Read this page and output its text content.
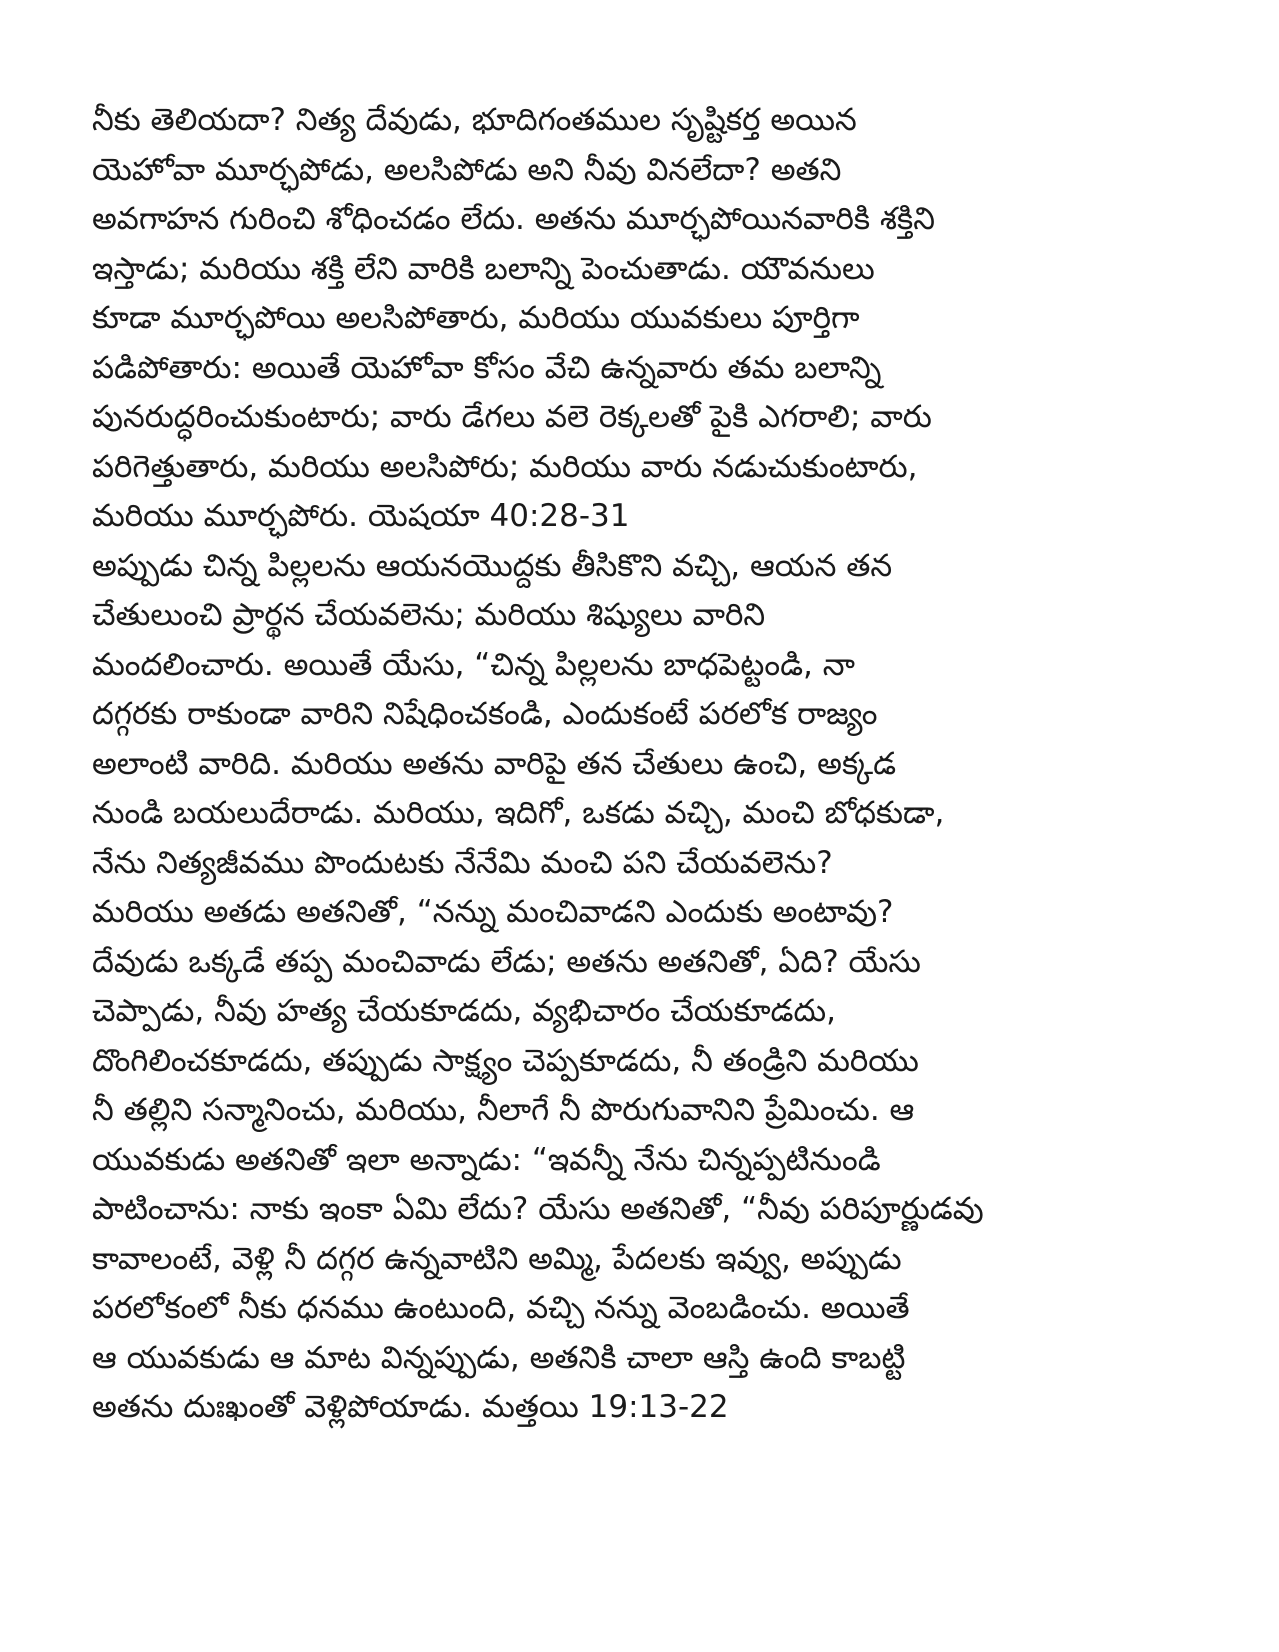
నీకు తెలియదా? నిత్య దేవుడు, భూదిగంతముల సృష్టికర్త అయిన
యెహోవా మూర్ఛపోడు, అలసిపోడు అని నీవు వినలేదా? అతని
అవగాహన గురించి శోధించడం లేదు. అతను మూర్ఛపోయినవారికి శక్తిని
ఇస్తాడు; మరియు శక్తి లేని వారికి బలాన్ని పెంచుతాడు. యౌవనులు
కూడా మూర్ఛపోయి అలసిపోతారు, మరియు యువకులు పూర్తిగా
పడిపోతారు: అయితే యెహోవా కోసం వేచి ఉన్నవారు తమ బలాన్ని
పునరుద్ధరించుకుంటారు; వారు డేగలు వలె రెక్కలతో పైకి ఎగరాలి; వారు
పరిగెత్తుతారు, మరియు అలసిపోరు; మరియు వారు నడుచుకుంటారు,
మరియు మూర్ఛపోరు. యెషయా 40:28-31
అప్పుడు చిన్న పిల్లలను ఆయనయొద్దకు తీసికొని వచ్చి, ఆయన తన
చేతులుంచి ప్రార్థన చేయవలెను; మరియు శిష్యులు వారిని
మందలించారు. అయితే యేసు, “చిన్న పిల్లలను బాధపెట్టండి, నా
దగ్గరకు రాకుండా వారిని నిషేధించకండి, ఎందుకంటే పరలోక రాజ్యం
అలాంటి వారిది. మరియు అతను వారిపై తన చేతులు ఉంచి, అక్కడ
నుండి బయలుదేరాడు. మరియు, ఇదిగో, ఒకడు వచ్చి, మంచి బోధకుడా,
నేను నిత్యజీవము పొందుటకు నేనేమి మంచి పని చేయవలెను?
మరియు అతడు అతనితో, “నన్ను మంచివాడని ఎందుకు అంటావు?
దేవుడు ఒక్కడే తప్ప మంచివాడు లేడు; అతను అతనితో, ఏది? యేసు
చెప్పాడు, నీవు హత్య చేయకూడదు, వ్యభిచారం చేయకూడదు,
దొంగిలించకూడదు, తప్పుడు సాక్ష్యం చెప్పకూడదు, నీ తండ్రిని మరియు
నీ తల్లిని సన్మానించు, మరియు, నీలాగే నీ పొరుగువానిని ప్రేమించు. ఆ
యువకుడు అతనితో ఇలా అన్నాడు: “ఇవన్నీ నేను చిన్నప్పటినుండి
పాటించాను: నాకు ఇంకా ఏమి లేదు? యేసు అతనితో, “నీవు పరిపూర్ణుడవు
కావాలంటే, వెళ్లి నీ దగ్గర ఉన్నవాటిని అమ్మి, పేదలకు ఇవ్వు, అప్పుడు
పరలోకంలో నీకు ధనము ఉంటుంది, వచ్చి నన్ను వెంబడించు. అయితే
ఆ యువకుడు ఆ మాట విన్నప్పుడు, అతనికి చాలా ఆస్తి ఉంది కాబట్టి
అతను దుఃఖంతో వెళ్లిపోయాడు. మత్తయి 19:13-22
